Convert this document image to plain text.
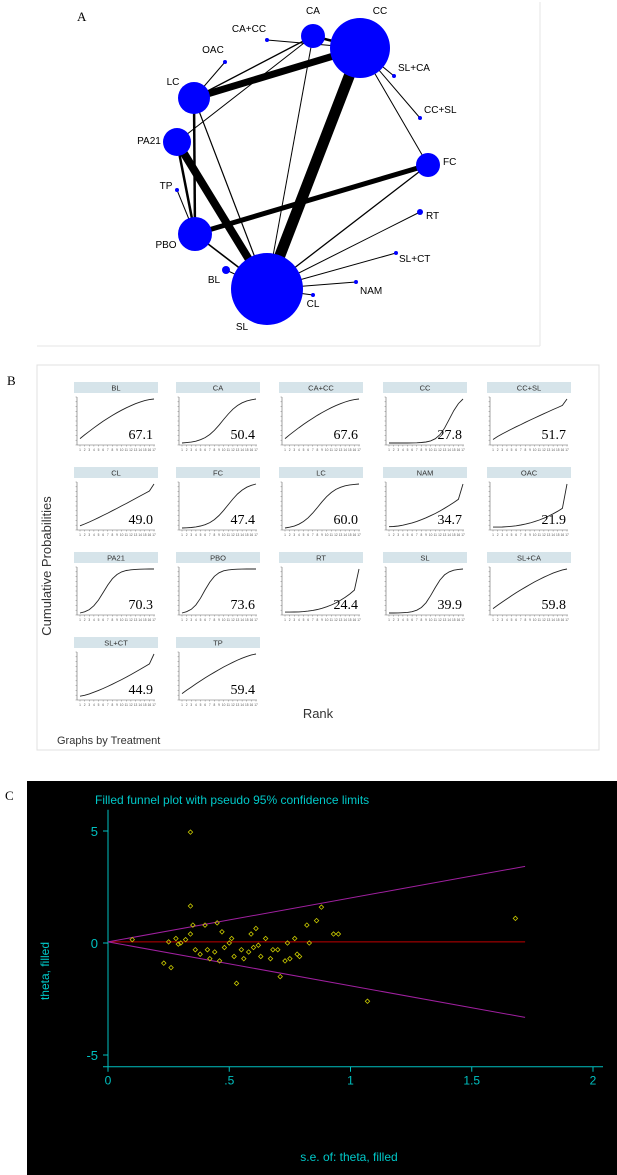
A
B
C
CA	CC
CA+CC
SL+CA
OAC
LC
CC+SL
PA21
FC
TP
RT
PBO
SL+CT
BL
NAM
CL
SL
BL
1 2 3 4 5 6 7 8 9 10 11 12 13 14 15 16 17
67.1
CA
1 2 3 4 5 6 7 8 9 10 11 12 13 14 15 16 17
50.4
CA+CC
1 2 3 4 5 6 7 8 9 10 11 12 13 14 15 16 17
67.6
CC
1 2 3 4 5 6 7 8 9 10 11 12 13 14 15 16 17
27.8
CC+SL
1 2 3 4 5 6 7 8 9 10 11 12 13 14 15 16 17
51.7
CL
1 2 3 4 5 6 7 8 9 10 11 12 13 14 15 16 17
49.0
FC
1 2 3 4 5 6 7 8 9 10 11 12 13 14 15 16 17
47.4
LC
1 2 3 4 5 6 7 8 9 10 11 12 13 14 15 16 17
60.0
NAM
1 2 3 4 5 6 7 8 9 10 11 12 13 14 15 16 17
34.7
OAC
1 2 3 4 5 6 7 8 9 10 11 12 13 14 15 16 17
21.9
PA21
1 2 3 4 5 6 7 8 9 10 11 12 13 14 15 16 17
70.3
PBO
1 2 3 4 5 6 7 8 9 10 11 12 13 14 15 16 17
73.6
RT
1 2 3 4 5 6 7 8 9 10 11 12 13 14 15 16 17
24.4
SL
1 2 3 4 5 6 7 8 9 10 11 12 13 14 15 16 17
39.9
SL+CA
1 2 3 4 5 6 7 8 9 10 11 12 13 14 15 16 17
59.8
SL+CT
1 2 3 4 5 6 7 8 9 10 11 12 13 14 15 16 17
44.9
TP
1 2 3 4 5 6 7 8 9 10 11 12 13 14 15 16 17
59.4
Cumulative Probabilities
Rank
Graphs by Treatment
Filled funnel plot with pseudo 95% confidence limits
s.e. of: theta, filled
theta, filled
0	.5	1	1.5	2
-5
0
5
